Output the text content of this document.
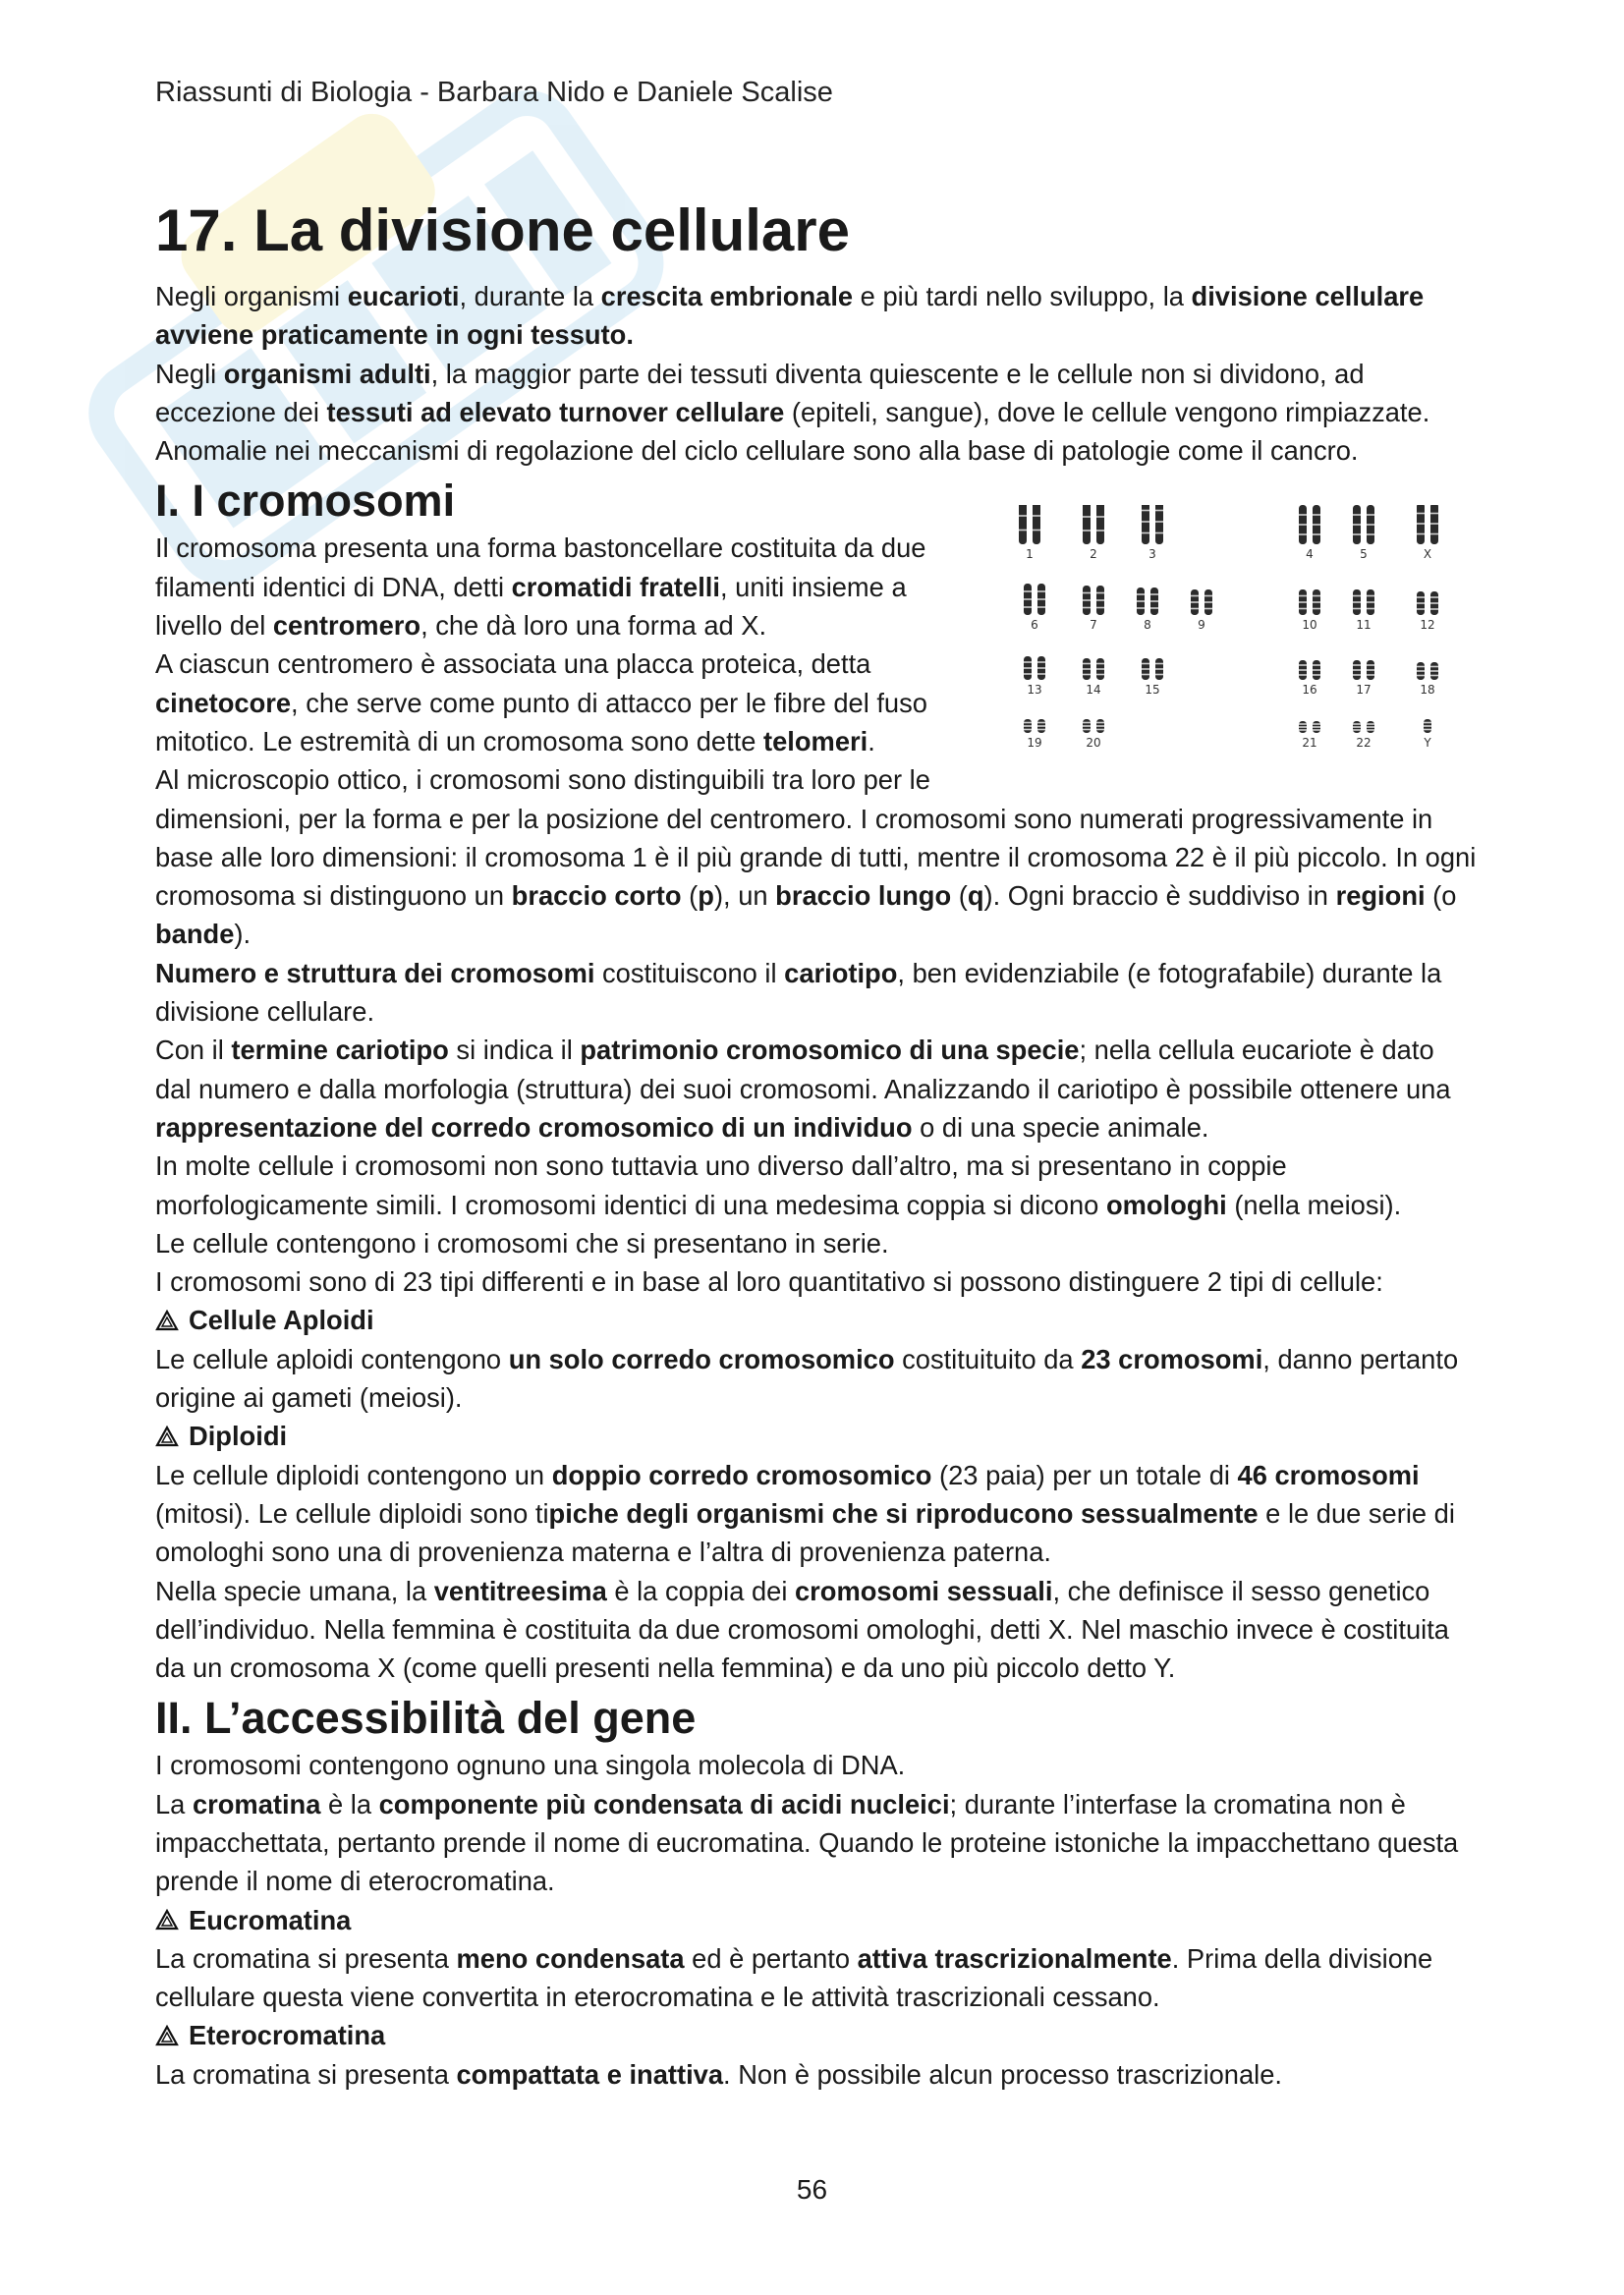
Riassunti di Biologia - Barbara Nido e Daniele Scalise
17. La divisione cellulare

Negli organismi eucarioti, durante la crescita embrionale e più tardi nello sviluppo, la divisione cellulare avviene praticamente in ogni tessuto.

Negli organismi adulti, la maggior parte dei tessuti diventa quiescente e le cellule non si dividono, ad eccezione dei tessuti ad elevato turnover cellulare (epiteli, sangue), dove le cellule vengono rimpiazzate.

Anomalie nei meccanismi di regolazione del ciclo cellulare sono alla base di patologie come il cancro.

I. I cromosomi
1	2	3	4	5	X
6	7	8	9	10	11	12
13	14	15	16	17	18
19	20	21	22	Y

Il cromosoma presenta una forma bastoncellare costituita da due filamenti identici di DNA, detti cromatidi fratelli, uniti insieme a livello del centromero, che dà loro una forma ad X.

A ciascun centromero è associata una placca proteica, detta cinetocore, che serve come punto di attacco per le fibre del fuso mitotico. Le estremità di un cromosoma sono dette telomeri.

Al microscopio ottico, i cromosomi sono distinguibili tra loro per le dimensioni, per la forma e per la posizione del centromero. I cromosomi sono numerati progressivamente in base alle loro dimensioni: il cromosoma 1 è il più grande di tutti, mentre il cromosoma 22 è il più piccolo. In ogni cromosoma si distinguono un braccio corto (p), un braccio lungo (q). Ogni braccio è suddiviso in regioni (o bande).

Numero e struttura dei cromosomi costituiscono il cariotipo, ben evidenziabile (e fotografabile) durante la divisione cellulare.

Con il termine cariotipo si indica il patrimonio cromosomico di una specie; nella cellula eucariote è dato dal numero e dalla morfologia (struttura) dei suoi cromosomi. Analizzando il cariotipo è possibile ottenere una rappresentazione del corredo cromosomico di un individuo o di una specie animale.

In molte cellule i cromosomi non sono tuttavia uno diverso dall’altro, ma si presentano in coppie morfologicamente simili. I cromosomi identici di una medesima coppia si dicono omologhi (nella meiosi).

Le cellule contengono i cromosomi che si presentano in serie.

I cromosomi sono di 23 tipi differenti e in base al loro quantitativo si possono distinguere 2 tipi di cellule:

Cellule Aploidi

Le cellule aploidi contengono un solo corredo cromosomico costituituito da 23 cromosomi, danno pertanto origine ai gameti (meiosi).

Diploidi

Le cellule diploidi contengono un doppio corredo cromosomico (23 paia) per un totale di 46 cromosomi (mitosi). Le cellule diploidi sono tipiche degli organismi che si riproducono sessualmente e le due serie di omologhi sono una di provenienza materna e l’altra di provenienza paterna.

Nella specie umana, la ventitreesima è la coppia dei cromosomi sessuali, che definisce il sesso genetico dell’individuo. Nella femmina è costituita da due cromosomi omologhi, detti X. Nel maschio invece è costituita da un cromosoma X (come quelli presenti nella femmina) e da uno più piccolo detto Y.

II. L’accessibilità del gene

I cromosomi contengono ognuno una singola molecola di DNA.

La cromatina è la componente più condensata di acidi nucleici; durante l’interfase la cromatina non è impacchettata, pertanto prende il nome di eucromatina. Quando le proteine istoniche la impacchettano questa prende il nome di eterocromatina.

Eucromatina

La cromatina si presenta meno condensata ed è pertanto attiva trascrizionalmente. Prima della divisione cellulare questa viene convertita in eterocromatina e le attività trascrizionali cessano.

Eterocromatina

La cromatina si presenta compattata e inattiva. Non è possibile alcun processo trascrizionale.

56
